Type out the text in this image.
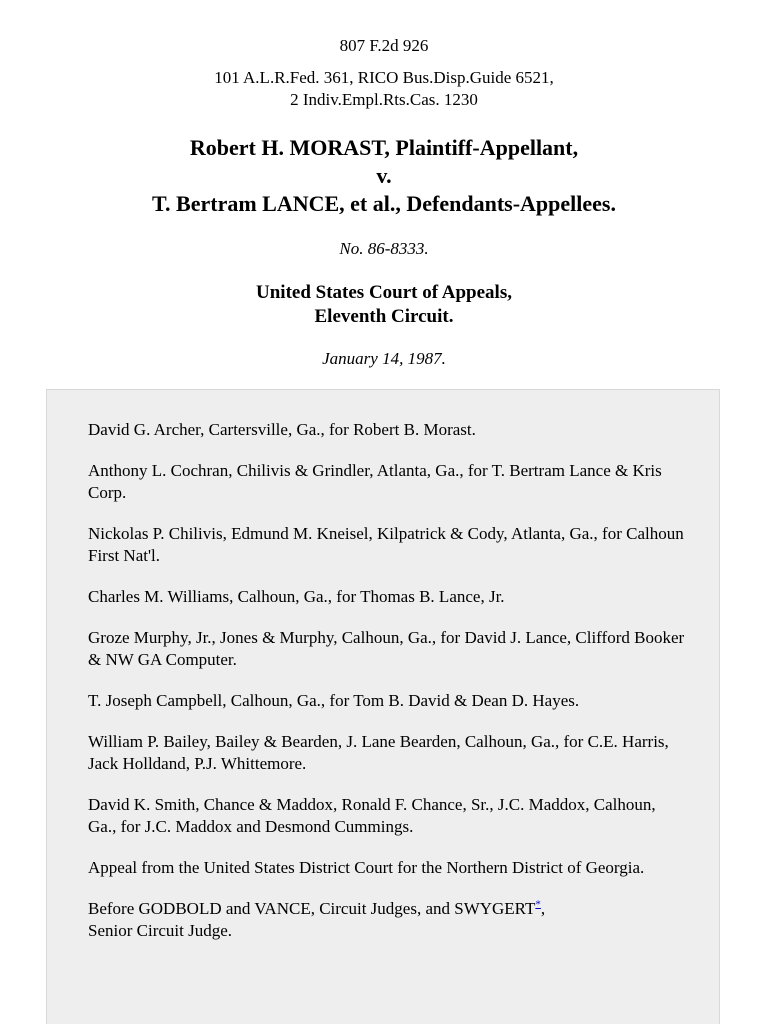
807 F.2d 926
101 A.L.R.Fed. 361, RICO Bus.Disp.Guide 6521,
2 Indiv.Empl.Rts.Cas. 1230
Robert H. MORAST, Plaintiff-Appellant,
v.
T. Bertram LANCE, et al., Defendants-Appellees.
No. 86-8333.
United States Court of Appeals,
Eleventh Circuit.
January 14, 1987.
David G. Archer, Cartersville, Ga., for Robert B. Morast.
Anthony L. Cochran, Chilivis & Grindler, Atlanta, Ga., for T. Bertram Lance & Kris Corp.
Nickolas P. Chilivis, Edmund M. Kneisel, Kilpatrick & Cody, Atlanta, Ga., for Calhoun First Nat'l.
Charles M. Williams, Calhoun, Ga., for Thomas B. Lance, Jr.
Groze Murphy, Jr., Jones & Murphy, Calhoun, Ga., for David J. Lance, Clifford Booker & NW GA Computer.
T. Joseph Campbell, Calhoun, Ga., for Tom B. David & Dean D. Hayes.
William P. Bailey, Bailey & Bearden, J. Lane Bearden, Calhoun, Ga., for C.E. Harris, Jack Holldand, P.J. Whittemore.
David K. Smith, Chance & Maddox, Ronald F. Chance, Sr., J.C. Maddox, Calhoun, Ga., for J.C. Maddox and Desmond Cummings.
Appeal from the United States District Court for the Northern District of Georgia.
Before GODBOLD and VANCE, Circuit Judges, and SWYGERT*,
Senior Circuit Judge.
